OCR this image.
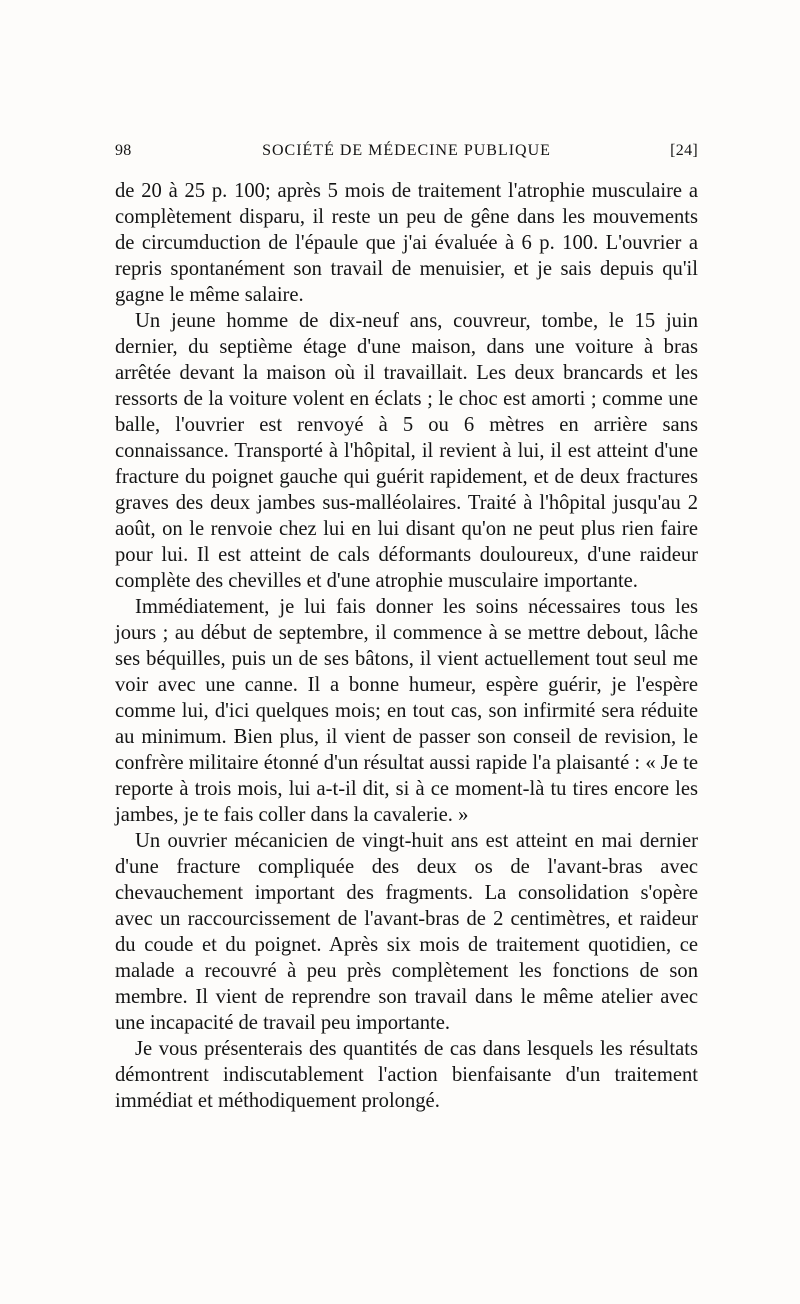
98	SOCIÉTÉ DE MÉDECINE PUBLIQUE	[24]

de 20 à 25 p. 100; après 5 mois de traitement l'atrophie musculaire a complètement disparu, il reste un peu de gêne dans les mouvements de circumduction de l'épaule que j'ai évaluée à 6 p. 100. L'ouvrier a repris spontanément son travail de menuisier, et je sais depuis qu'il gagne le même salaire.

Un jeune homme de dix-neuf ans, couvreur, tombe, le 15 juin dernier, du septième étage d'une maison, dans une voiture à bras arrêtée devant la maison où il travaillait. Les deux brancards et les ressorts de la voiture volent en éclats ; le choc est amorti ; comme une balle, l'ouvrier est renvoyé à 5 ou 6 mètres en arrière sans connaissance. Transporté à l'hôpital, il revient à lui, il est atteint d'une fracture du poignet gauche qui guérit rapidement, et de deux fractures graves des deux jambes sus-malléolaires. Traité à l'hôpital jusqu'au 2 août, on le renvoie chez lui en lui disant qu'on ne peut plus rien faire pour lui. Il est atteint de cals déformants douloureux, d'une raideur complète des chevilles et d'une atrophie musculaire importante.

Immédiatement, je lui fais donner les soins nécessaires tous les jours ; au début de septembre, il commence à se mettre debout, lâche ses béquilles, puis un de ses bâtons, il vient actuellement tout seul me voir avec une canne. Il a bonne humeur, espère guérir, je l'espère comme lui, d'ici quelques mois; en tout cas, son infirmité sera réduite au minimum. Bien plus, il vient de passer son conseil de revision, le confrère militaire étonné d'un résultat aussi rapide l'a plaisanté : « Je te reporte à trois mois, lui a-t-il dit, si à ce moment-là tu tires encore les jambes, je te fais coller dans la cavalerie. »

Un ouvrier mécanicien de vingt-huit ans est atteint en mai dernier d'une fracture compliquée des deux os de l'avant-bras avec chevauchement important des fragments. La consolidation s'opère avec un raccourcissement de l'avant-bras de 2 centimètres, et raideur du coude et du poignet. Après six mois de traitement quotidien, ce malade a recouvré à peu près complètement les fonctions de son membre. Il vient de reprendre son travail dans le même atelier avec une incapacité de travail peu importante.

Je vous présenterais des quantités de cas dans lesquels les résultats démontrent indiscutablement l'action bienfaisante d'un traitement immédiat et méthodiquement prolongé.
